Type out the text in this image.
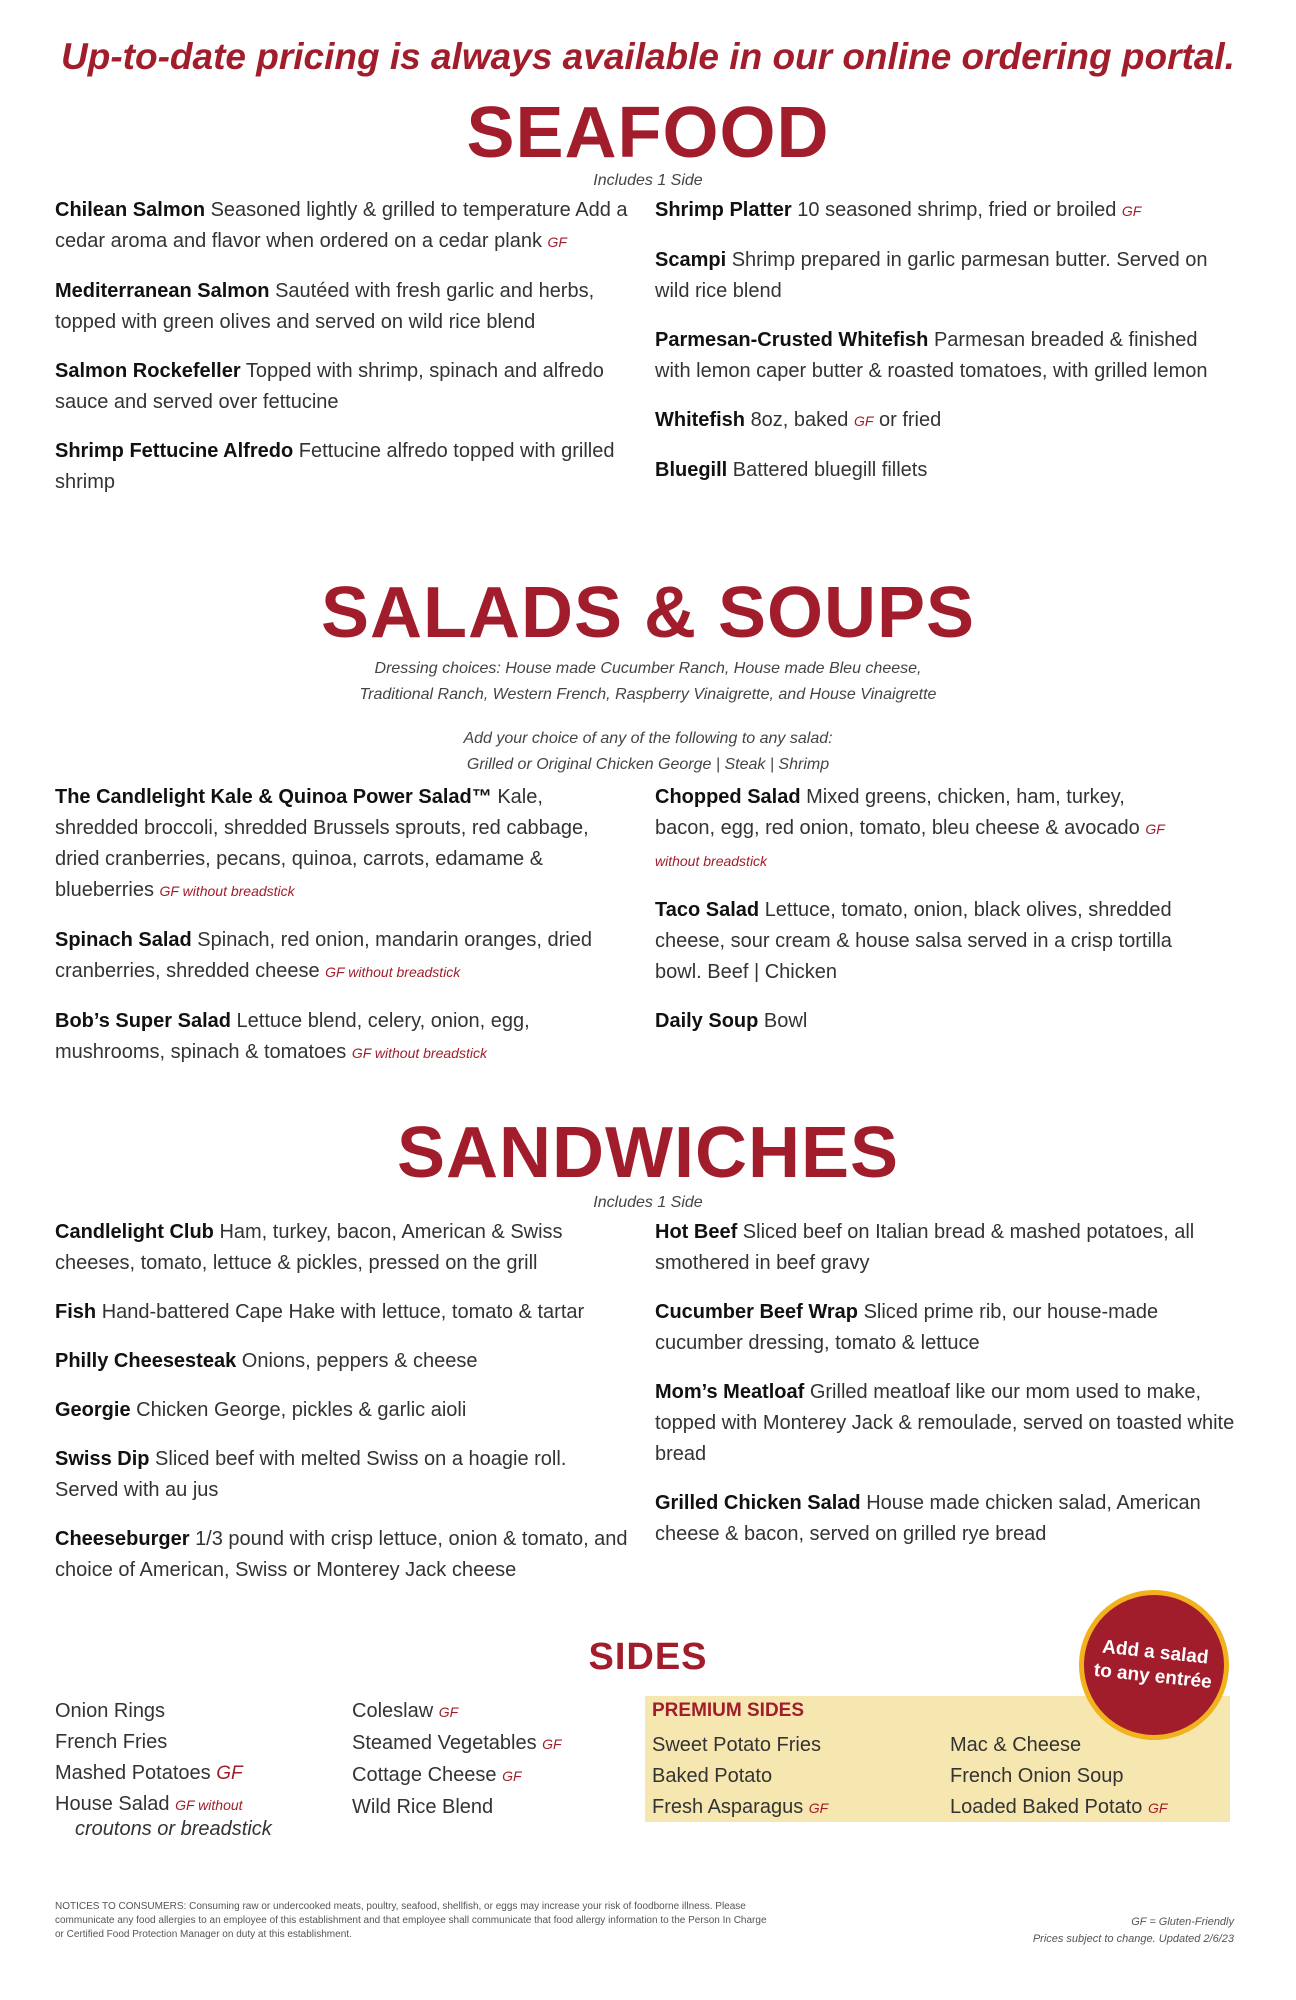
Up-to-date pricing is always available in our online ordering portal.
SEAFOOD
Includes 1 Side
Chilean Salmon Seasoned lightly & grilled to temperature Add a cedar aroma and flavor when ordered on a cedar plank GF
Mediterranean Salmon Sautéed with fresh garlic and herbs, topped with green olives and served on wild rice blend
Salmon Rockefeller Topped with shrimp, spinach and alfredo sauce and served over fettucine
Shrimp Fettucine Alfredo Fettucine alfredo topped with grilled shrimp
Shrimp Platter 10 seasoned shrimp, fried or broiled GF
Scampi Shrimp prepared in garlic parmesan butter. Served on wild rice blend
Parmesan-Crusted Whitefish Parmesan breaded & finished with lemon caper butter & roasted tomatoes, with grilled lemon
Whitefish 8oz, baked GF or fried
Bluegill Battered bluegill fillets
SALADS & SOUPS
Dressing choices: House made Cucumber Ranch, House made Bleu cheese,
Traditional Ranch, Western French, Raspberry Vinaigrette, and House Vinaigrette
Add your choice of any of the following to any salad:
Grilled or Original Chicken George | Steak | Shrimp
The Candlelight Kale & Quinoa Power Salad™ Kale, shredded broccoli, shredded Brussels sprouts, red cabbage, dried cranberries, pecans, quinoa, carrots, edamame & blueberries GF without breadstick
Spinach Salad Spinach, red onion, mandarin oranges, dried cranberries, shredded cheese GF without breadstick
Bob’s Super Salad Lettuce blend, celery, onion, egg, mushrooms, spinach & tomatoes GF without breadstick
Chopped Salad Mixed greens, chicken, ham, turkey, bacon, egg, red onion, tomato, bleu cheese & avocado GF without breadstick
Taco Salad Lettuce, tomato, onion, black olives, shredded cheese, sour cream & house salsa served in a crisp tortilla bowl. Beef | Chicken
Daily Soup Bowl
SANDWICHES
Includes 1 Side
Candlelight Club Ham, turkey, bacon, American & Swiss cheeses, tomato, lettuce & pickles, pressed on the grill
Fish Hand-battered Cape Hake with lettuce, tomato & tartar
Philly Cheesesteak Onions, peppers & cheese
Georgie Chicken George, pickles & garlic aioli
Swiss Dip Sliced beef with melted Swiss on a hoagie roll. Served with au jus
Cheeseburger 1/3 pound with crisp lettuce, onion & tomato, and choice of American, Swiss or Monterey Jack cheese
Hot Beef Sliced beef on Italian bread & mashed potatoes, all smothered in beef gravy
Cucumber Beef Wrap Sliced prime rib, our house-made cucumber dressing, tomato & lettuce
Mom’s Meatloaf Grilled meatloaf like our mom used to make, topped with Monterey Jack & remoulade, served on toasted white bread
Grilled Chicken Salad House made chicken salad, American cheese & bacon, served on grilled rye bread
SIDES
Onion Rings
French Fries
Mashed Potatoes GF
House Salad GF without
croutons or breadstick
Coleslaw GF
Steamed Vegetables GF
Cottage Cheese GF
Wild Rice Blend
PREMIUM SIDES
Sweet Potato Fries
Baked Potato
Fresh Asparagus GF
Mac & Cheese
French Onion Soup
Loaded Baked Potato GF
Add a salad to any entrée
NOTICES TO CONSUMERS: Consuming raw or undercooked meats, poultry, seafood, shellfish, or eggs may increase your risk of foodborne illness. Please communicate any food allergies to an employee of this establishment and that employee shall communicate that food allergy information to the Person In Charge or Certified Food Protection Manager on duty at this establishment.
GF = Gluten-Friendly
Prices subject to change. Updated 2/6/23
